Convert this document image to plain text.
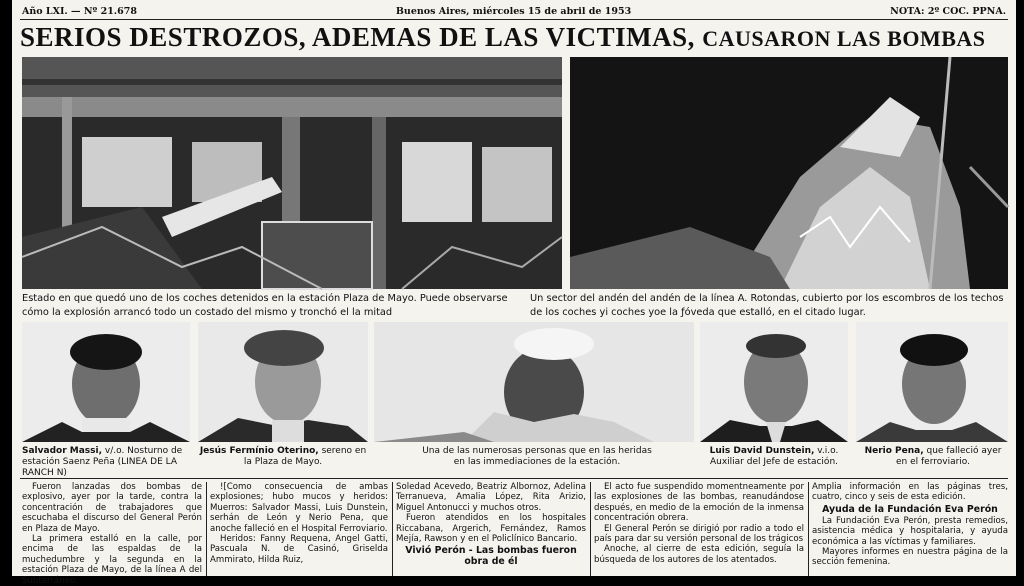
Año LXI. — Nº 21.678	Buenos Aires, miércoles 15 de abril de 1953	NOTA: 2º COC. PPNA.
SERIOS DESTROZOS, ADEMAS DE LAS VICTIMAS, CAUSARON LAS BOMBAS
Estado en que quedó uno de los coches detenidos en la estación Plaza de Mayo. Puede observarse cómo la explosión arrancó todo un costado del mismo y tronchó el la mitad
Un sector del andén del andén de la línea A. Rotondas, cubierto por los escombros de los techos de los coches yi coches yoe la ƒóveda que estalló, en el citado lugar.
Salvador Massi, v/.o. Nosturno de estación Saenz Peña (LINEA DE LA RANCH N)
Jesús Fermínio Oterino, sereno en la Plaza de Mayo.
Una de las numerosas personas que en las heridas en las immediaciones de la estación.
Luis David Dunstein, v.i.o. Auxiliar del Jefe de estación.
Nerio Pena, que falleció ayer en el ferroviario.

Fueron lanzadas dos bombas de explosivo, ayer por la tarde, contra la concentración de trabajadores que escuchaba el discurso del General Perón en Plaza de Mayo.

La primera estalló en la calle, por encima de las espaldas de la muchedumbre y la segunda en la estación Plaza de Mayo, de la línea A del Subterráneo.

![Como consecuencia de ambas explosiones; hubo mucos y heridos: Muerros: Salvador Massi, Luis Dunstein, serhán de León y Nerio Pena, que anoche falleció en el Hospital Ferroviario.

Heridos: Fanny Requena, Angel Gatti, Pascuala N. de Casinó, Griselda Ammirato, Hilda Ruiz,

Soledad Acevedo, Beatriz Albornoz, Adelina Terranueva, Amalia López, Rita Arizio, Miguel Antonucci y muchos otros.

Fueron atendidos en los hospitales Riccabana, Argerich, Fernández, Ramos Mejía, Rawson y en el Policlínico Bancario.

Vivió Perón - Las bombas fueron obra de él

El acto fue suspendido momentneamente por las explosiones de las bombas, reanudándose después, en medio de la emoción de la inmensa concentración obrera.

El General Perón se dirigió por radio a todo el país para dar su versión personal de los trágicos

Anoche, al cierre de esta edición, seguía la búsqueda de los autores de los atentados.

Amplia información en las páginas tres, cuatro, cinco y seis de esta edición.

Ayuda de la Fundación Eva Perón

La Fundación Eva Perón, presta remedios, asistencia médica y hospitalaria, y ayuda económica a las víctimas y familiares.

Mayores informes en nuestra página de la sección femenina.
